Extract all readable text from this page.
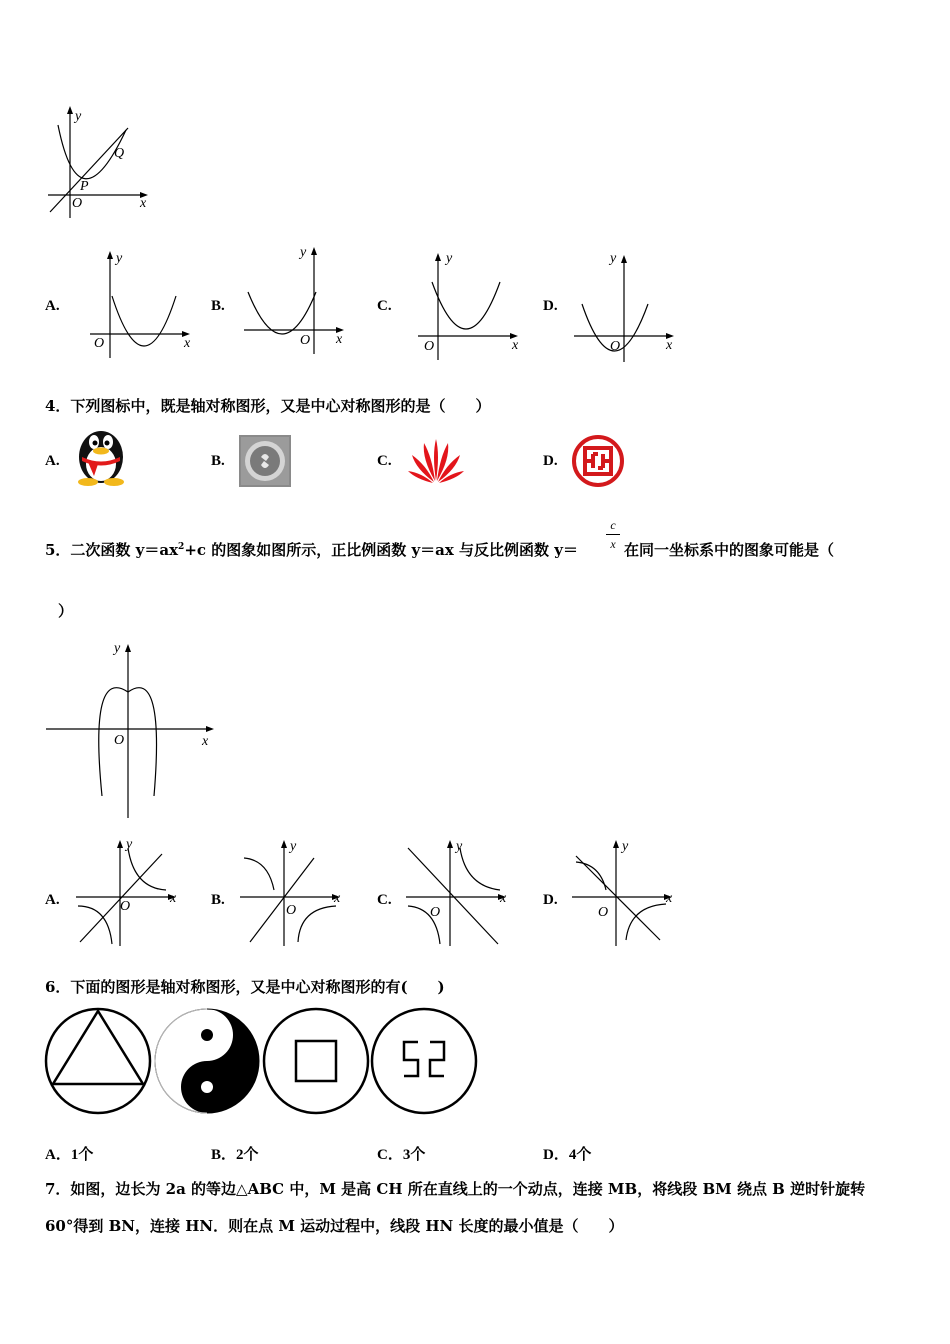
y
x
O
P
Q
A.
y
x
O
B.
y
x
O
C.
y
x
O
D.
y
x
O
4．下列图标中，既是轴对称图形，又是中心对称图形的是（　　）
A.	B.	C.	D.
5．二次函数 $y=ax^2+c$ 的图象如图所示，正比例函数 y＝ax 与反比例函数 y＝
c
x 在同一坐标系中的图象可能是（
）
y
x
O
A.
y
x
O	B.
y
x
O
C.
y
x
O
D.
y
x
O
6．下面的图形是轴对称图形，又是中心对称图形的有(　　)
A．1个	B．2个	C．3个	D．4个
7．如图，边长为 2a 的等边△ABC 中，M 是高 CH 所在直线上的一个动点，连接 MB，将线段 BM 绕点 B 逆时针旋转
60°得到 BN，连接 HN．则在点 M 运动过程中，线段 HN 长度的最小值是（　　）
